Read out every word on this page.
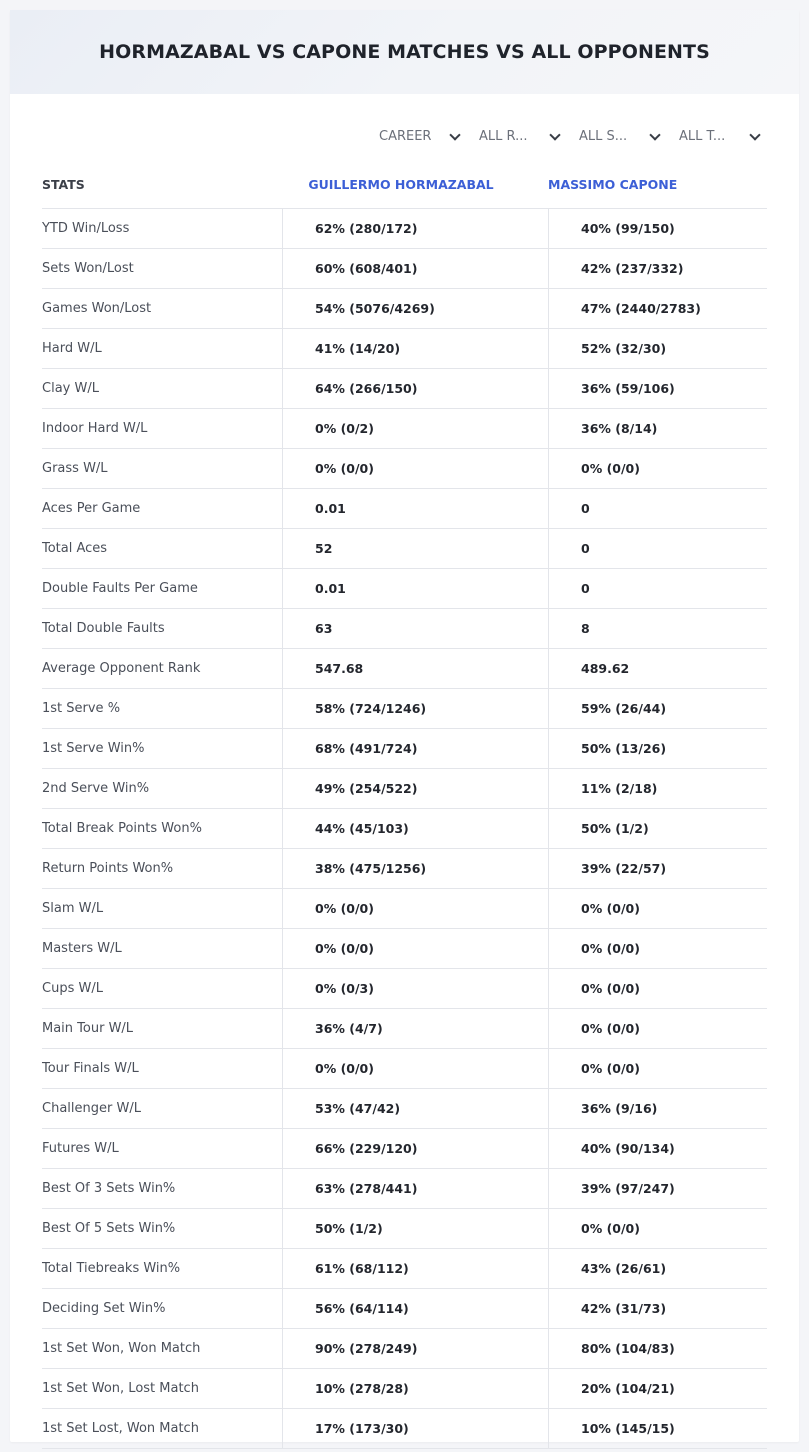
HORMAZABAL VS CAPONE MATCHES VS ALL OPPONENTS
CAREER	ALL R...	ALL S...	ALL T...
STATS	GUILLERMO HORMAZABAL	MASSIMO CAPONE
YTD Win/Loss	62% (280/172)	40% (99/150)
Sets Won/Lost	60% (608/401)	42% (237/332)
Games Won/Lost	54% (5076/4269)	47% (2440/2783)
Hard W/L	41% (14/20)	52% (32/30)
Clay W/L	64% (266/150)	36% (59/106)
Indoor Hard W/L	0% (0/2)	36% (8/14)
Grass W/L	0% (0/0)	0% (0/0)
Aces Per Game	0.01	0
Total Aces	52	0
Double Faults Per Game	0.01	0
Total Double Faults	63	8
Average Opponent Rank	547.68	489.62
1st Serve %	58% (724/1246)	59% (26/44)
1st Serve Win%	68% (491/724)	50% (13/26)
2nd Serve Win%	49% (254/522)	11% (2/18)
Total Break Points Won%	44% (45/103)	50% (1/2)
Return Points Won%	38% (475/1256)	39% (22/57)
Slam W/L	0% (0/0)	0% (0/0)
Masters W/L	0% (0/0)	0% (0/0)
Cups W/L	0% (0/3)	0% (0/0)
Main Tour W/L	36% (4/7)	0% (0/0)
Tour Finals W/L	0% (0/0)	0% (0/0)
Challenger W/L	53% (47/42)	36% (9/16)
Futures W/L	66% (229/120)	40% (90/134)
Best Of 3 Sets Win%	63% (278/441)	39% (97/247)
Best Of 5 Sets Win%	50% (1/2)	0% (0/0)
Total Tiebreaks Win%	61% (68/112)	43% (26/61)
Deciding Set Win%	56% (64/114)	42% (31/73)
1st Set Won, Won Match	90% (278/249)	80% (104/83)
1st Set Won, Lost Match	10% (278/28)	20% (104/21)
1st Set Lost, Won Match	17% (173/30)	10% (145/15)
